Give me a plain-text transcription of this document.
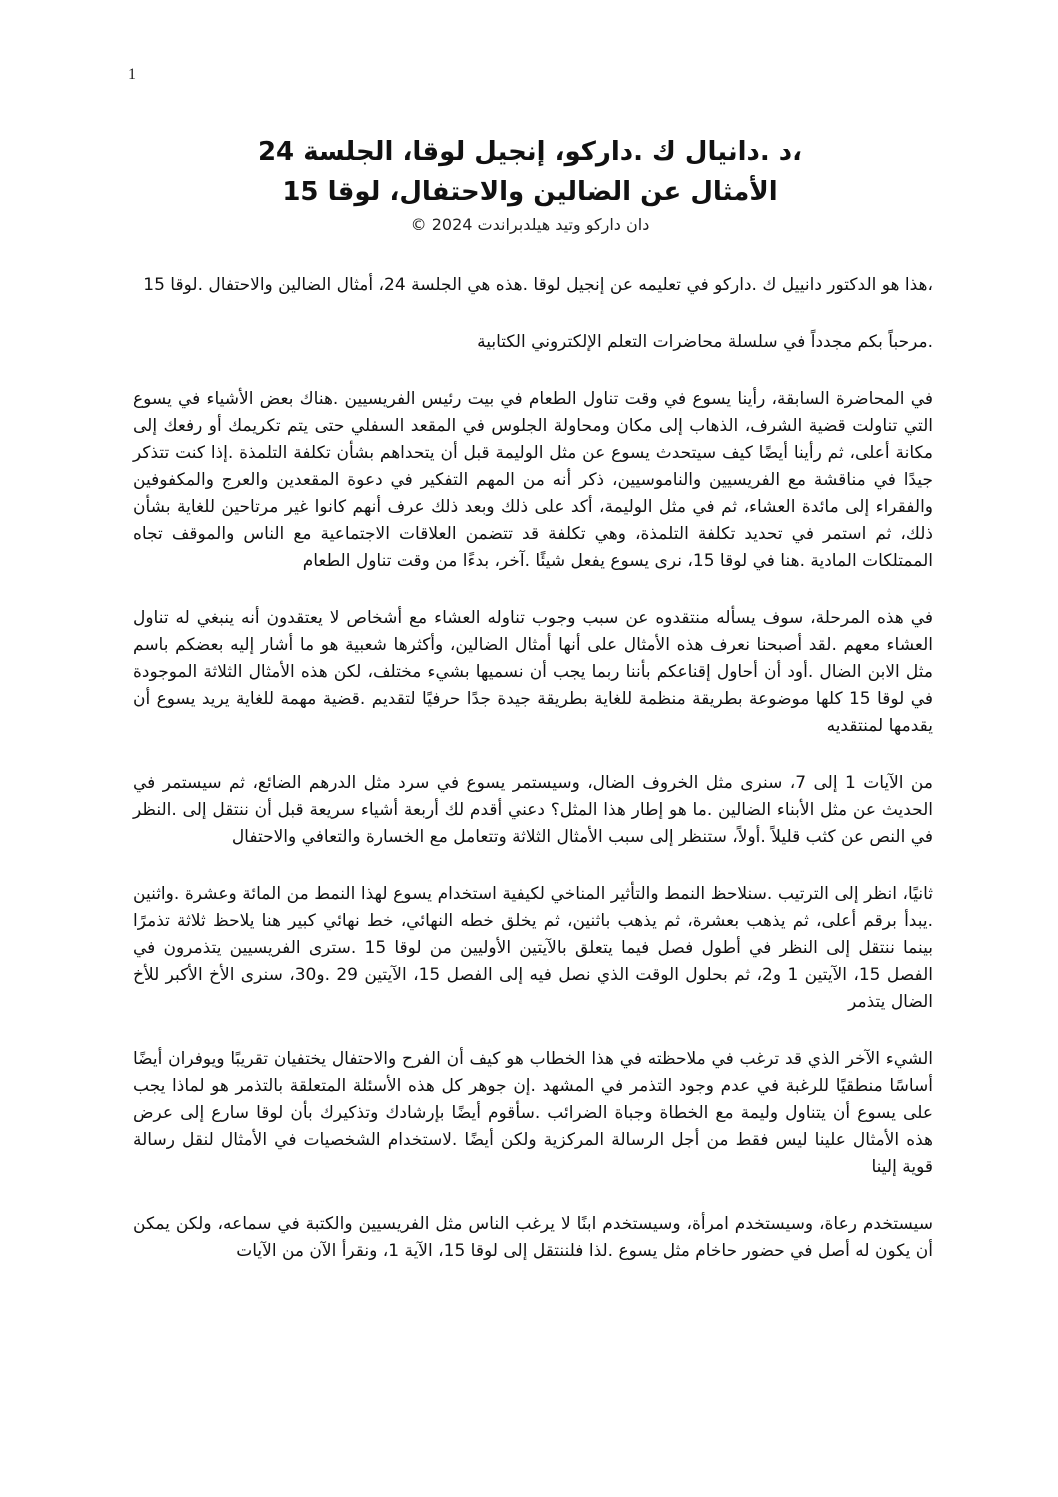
1
،د .دانيال ك .داركو، إنجيل لوقا، الجلسة 24
الأمثال عن الضالين والاحتفال، لوقا 15
دان داركو وتيد هيلدبراندت 2024 ©

،هذا هو الدكتور دانييل ك .داركو في تعليمه عن إنجيل لوقا .هذه هي الجلسة 24، أمثال الضالين والاحتفال .لوقا 15

.مرحباً بكم مجدداً في سلسلة محاضرات التعلم الإلكتروني الكتابية

في المحاضرة السابقة، رأينا يسوع في وقت تناول الطعام في بيت رئيس الفريسيين .هناك بعض الأشياء في يسوع التي تناولت قضية الشرف، الذهاب إلى مكان ومحاولة الجلوس في المقعد السفلي حتى يتم تكريمك أو رفعك إلى مكانة أعلى، ثم رأينا أيضًا كيف سيتحدث يسوع عن مثل الوليمة قبل أن يتحداهم بشأن تكلفة التلمذة .إذا كنت تتذكر جيدًا في مناقشة مع الفريسيين والناموسيين، ذكر أنه من المهم التفكير في دعوة المقعدين والعرج والمكفوفين والفقراء إلى مائدة العشاء، ثم في مثل الوليمة، أكد على ذلك وبعد ذلك عرف أنهم كانوا غير مرتاحين للغاية بشأن ذلك، ثم استمر في تحديد تكلفة التلمذة، وهي تكلفة قد تتضمن العلاقات الاجتماعية مع الناس والموقف تجاه الممتلكات المادية .هنا في لوقا 15، نرى يسوع يفعل شيئًا .آخر، بدءًا من وقت تناول الطعام

في هذه المرحلة، سوف يسأله منتقدوه عن سبب وجوب تناوله العشاء مع أشخاص لا يعتقدون أنه ينبغي له تناول العشاء معهم .لقد أصبحنا نعرف هذه الأمثال على أنها أمثال الضالين، وأكثرها شعبية هو ما أشار إليه بعضكم باسم مثل الابن الضال .أود أن أحاول إقناعكم بأننا ربما يجب أن نسميها بشيء مختلف، لكن هذه الأمثال الثلاثة الموجودة في لوقا 15 كلها موضوعة بطريقة منظمة للغاية بطريقة جيدة جدًا حرفيًا لتقديم .قضية مهمة للغاية يريد يسوع أن يقدمها لمنتقديه

من الآيات 1 إلى 7، سنرى مثل الخروف الضال، وسيستمر يسوع في سرد مثل الدرهم الضائع، ثم سيستمر في الحديث عن مثل الأبناء الضالين .ما هو إطار هذا المثل؟ دعني أقدم لك أربعة أشياء سريعة قبل أن ننتقل إلى .النظر في النص عن كثب قليلاً .أولاً، ستنظر إلى سبب الأمثال الثلاثة وتتعامل مع الخسارة والتعافي والاحتفال

ثانيًا، انظر إلى الترتيب .سنلاحظ النمط والتأثير المناخي لكيفية استخدام يسوع لهذا النمط من المائة وعشرة .واثنين .يبدأ برقم أعلى، ثم يذهب بعشرة، ثم يذهب باثنين، ثم يخلق خطه النهائي، خط نهائي كبير هنا يلاحظ ثلاثة تذمرًا بينما ننتقل إلى النظر في أطول فصل فيما يتعلق بالآيتين الأوليين من لوقا 15 .سترى الفريسيين يتذمرون في الفصل 15، الآيتين 1 و2، ثم بحلول الوقت الذي نصل فيه إلى الفصل 15، الآيتين 29 .و30، سنرى الأخ الأكبر للأخ الضال يتذمر

الشيء الآخر الذي قد ترغب في ملاحظته في هذا الخطاب هو كيف أن الفرح والاحتفال يختفيان تقريبًا ويوفران أيضًا أساسًا منطقيًا للرغبة في عدم وجود التذمر في المشهد .إن جوهر كل هذه الأسئلة المتعلقة بالتذمر هو لماذا يجب على يسوع أن يتناول وليمة مع الخطاة وجباة الضرائب .سأقوم أيضًا بإرشادك وتذكيرك بأن لوقا سارع إلى عرض هذه الأمثال علينا ليس فقط من أجل الرسالة المركزية ولكن أيضًا .لاستخدام الشخصيات في الأمثال لنقل رسالة قوية إلينا

سيستخدم رعاة، وسيستخدم امرأة، وسيستخدم ابنًا لا يرغب الناس مثل الفريسيين والكتبة في سماعه، ولكن يمكن أن يكون له أصل في حضور حاخام مثل يسوع .لذا فلننتقل إلى لوقا 15، الآية 1، ونقرأ الآن من الآيات
